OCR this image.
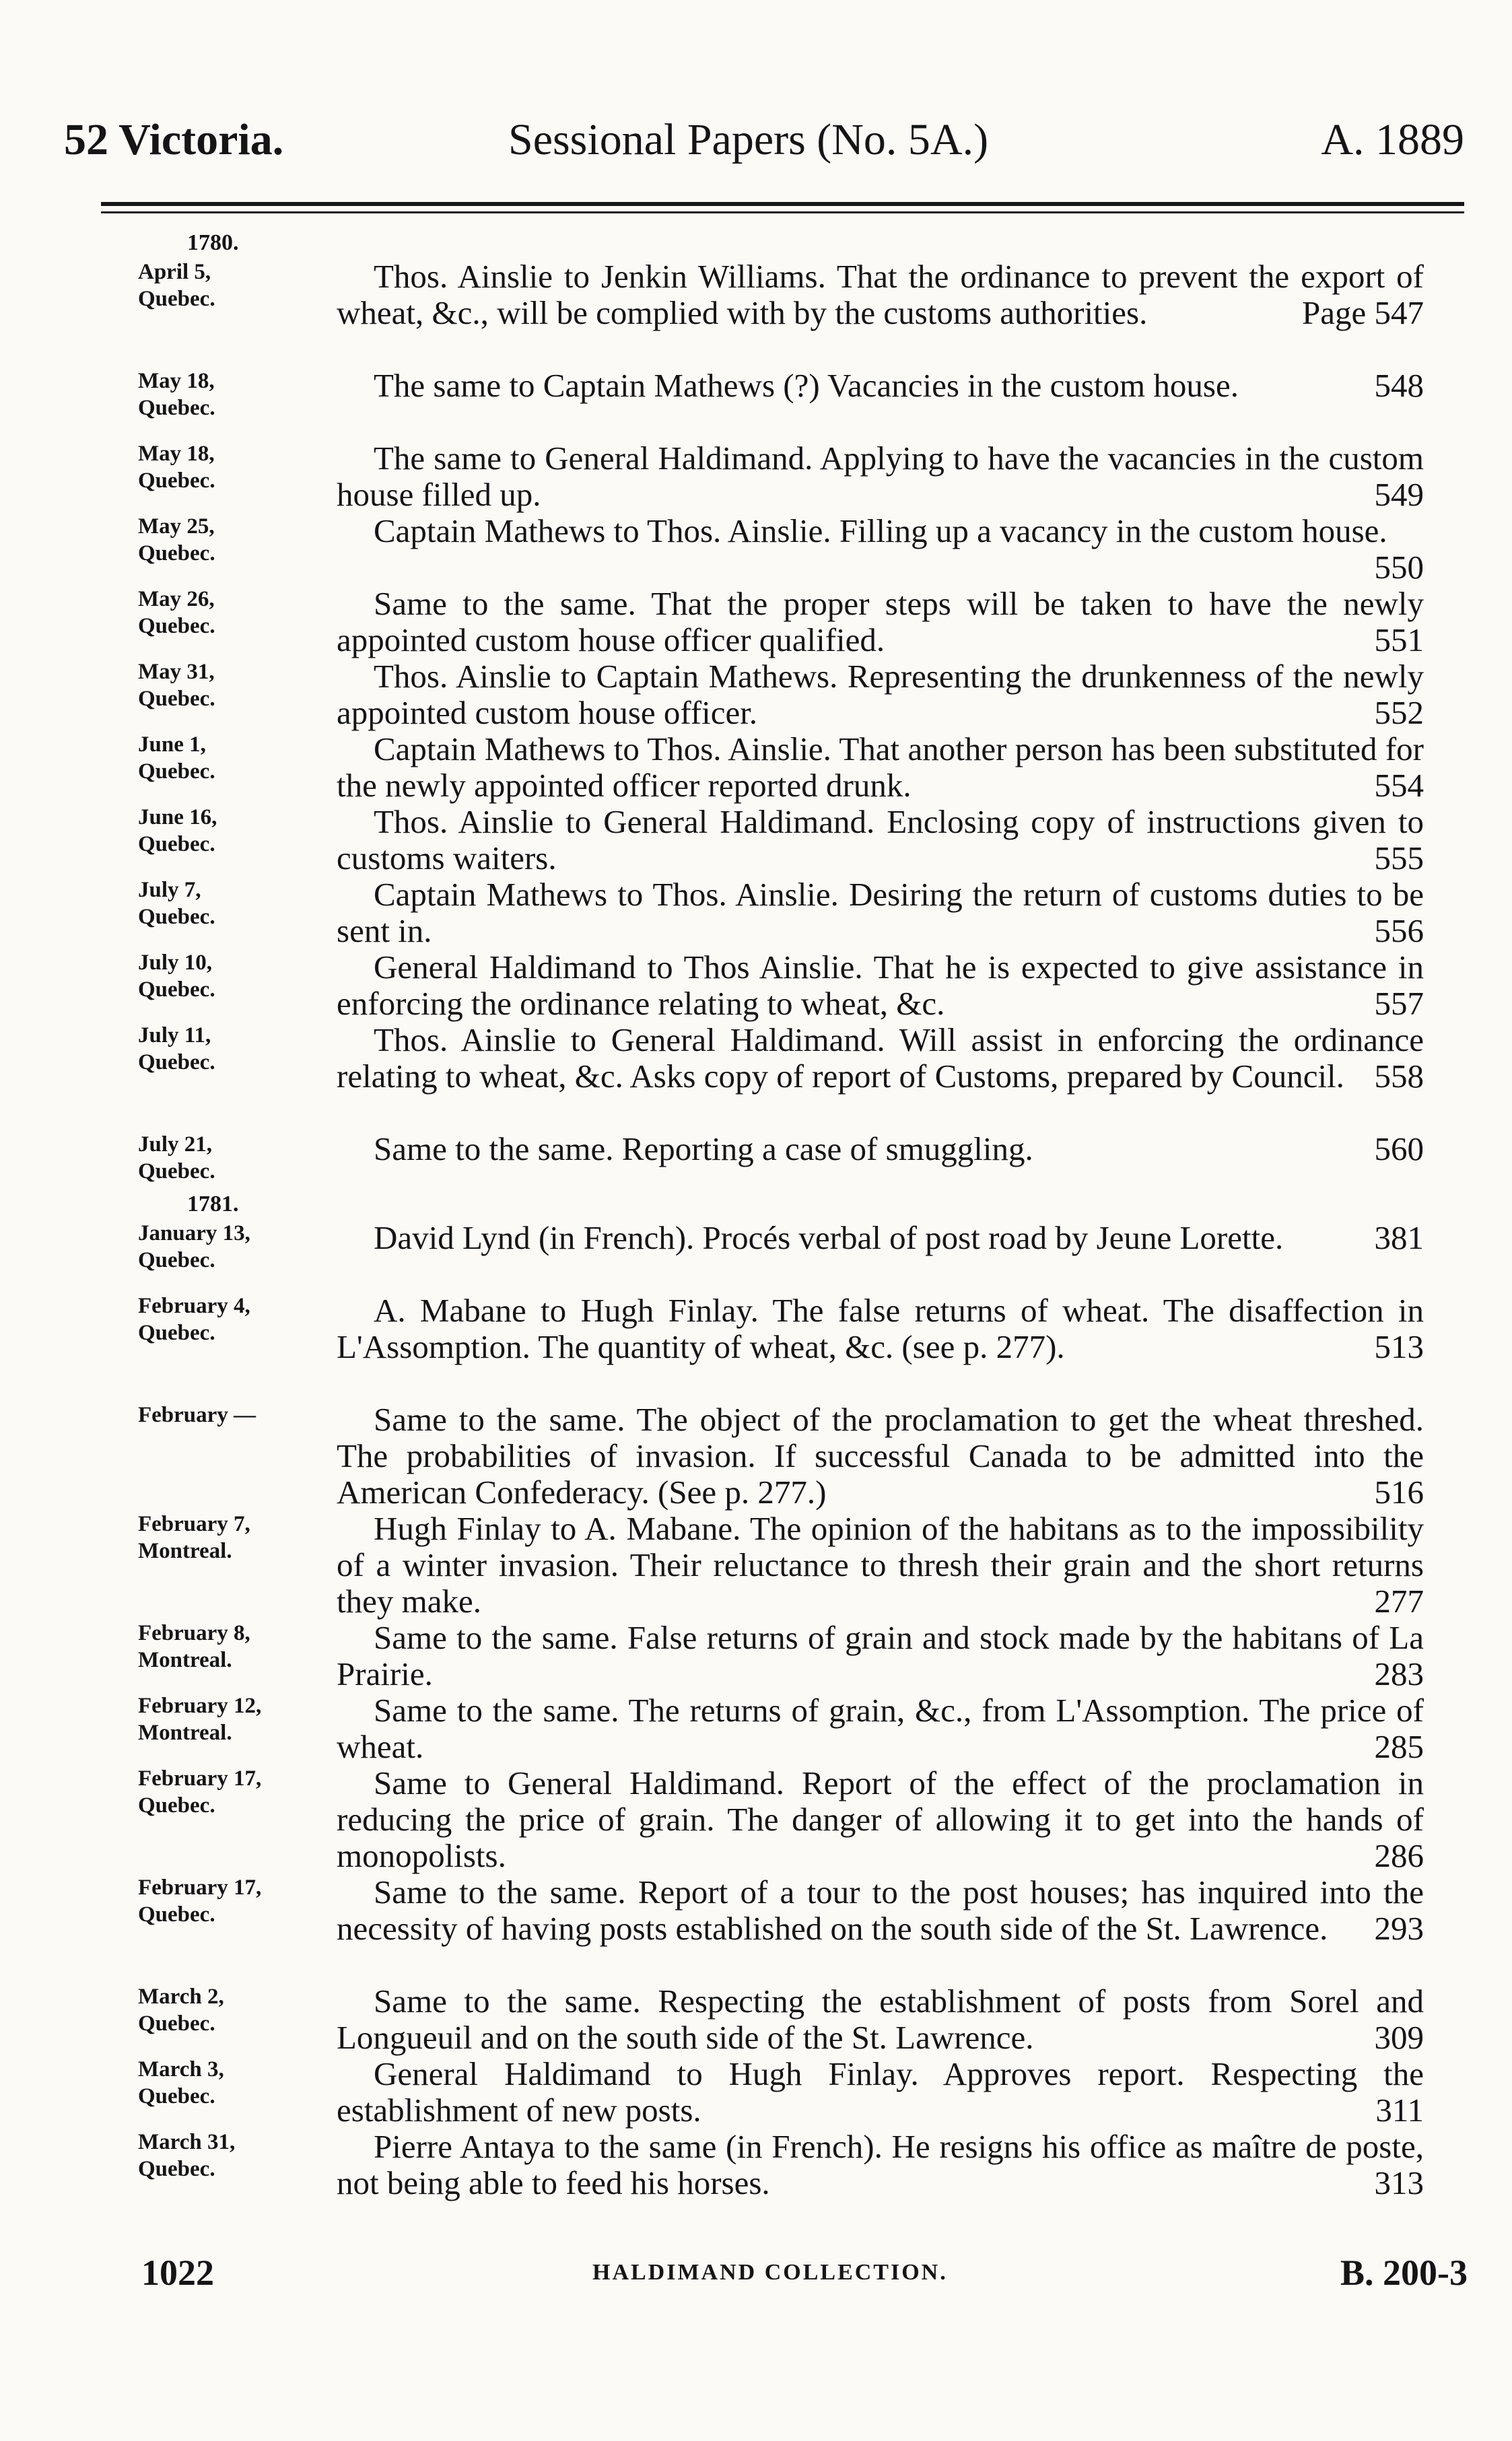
52 Victoria.	Sessional Papers (No. 5A.)	A. 1889
1780.
April 5,
Quebec.
Thos. Ainslie to Jenkin Williams. That the ordinance to prevent the export of wheat, &c., will be complied with by the customs authorities.	Page 547
May 18,
Quebec.
The same to Captain Mathews (?) Vacancies in the custom house.	548
May 18,
Quebec.
The same to General Haldimand. Applying to have the vacancies in the custom house filled up.	549
May 25,
Quebec.
Captain Mathews to Thos. Ainslie. Filling up a vacancy in the custom house.
550
May 26,
Quebec.
Same to the same. That the proper steps will be taken to have the newly appointed custom house officer qualified.	551
May 31,
Quebec.
Thos. Ainslie to Captain Mathews. Representing the drunkenness of the newly appointed custom house officer.	552
June 1,
Quebec.
Captain Mathews to Thos. Ainslie. That another person has been substituted for the newly appointed officer reported drunk.	554
June 16,
Quebec.
Thos. Ainslie to General Haldimand. Enclosing copy of instructions given to customs waiters.	555
July 7,
Quebec.
Captain Mathews to Thos. Ainslie. Desiring the return of customs duties to be sent in.	556
July 10,
Quebec.
General Haldimand to Thos Ainslie. That he is expected to give assistance in enforcing the ordinance relating to wheat, &c.	557
July 11,
Quebec.
Thos. Ainslie to General Haldimand. Will assist in enforcing the ordinance relating to wheat, &c. Asks copy of report of Customs, prepared by Council. 558
July 21,
Quebec.
Same to the same. Reporting a case of smuggling.	560
1781.
January 13,
Quebec.
David Lynd (in French). Procés verbal of post road by Jeune Lorette.	381
February 4,
Quebec.
A. Mabane to Hugh Finlay. The false returns of wheat. The disaffection in L'Assomption. The quantity of wheat, &c. (see p. 277).	513
February —	Same to the same. The object of the proclamation to get the wheat threshed. The probabilities of invasion. If successful Canada to be admitted into the American Confederacy. (See p. 277.)	516
February 7,
Montreal.
Hugh Finlay to A. Mabane. The opinion of the habitans as to the impossibility of a winter invasion. Their reluctance to thresh their grain and the short returns they make.	277
February 8,
Montreal.
Same to the same. False returns of grain and stock made by the habitans of La Prairie.	283
February 12,
Montreal.
Same to the same. The returns of grain, &c., from L'Assomption. The price of wheat.	285
February 17,
Quebec.
Same to General Haldimand. Report of the effect of the proclamation in reducing the price of grain. The danger of allowing it to get into the hands of monopolists.	286
February 17,
Quebec.
Same to the same. Report of a tour to the post houses; has inquired into the necessity of having posts established on the south side of the St. Lawrence. 293
March 2,
Quebec.
Same to the same. Respecting the establishment of posts from Sorel and Longueuil and on the south side of the St. Lawrence.	309
March 3,
Quebec.
General Haldimand to Hugh Finlay. Approves report. Respecting the establishment of new posts.	311
March 31,
Quebec.
Pierre Antaya to the same (in French). He resigns his office as maître de poste, not being able to feed his horses.	313
1022	HALDIMAND COLLECTION.	B. 200-3
